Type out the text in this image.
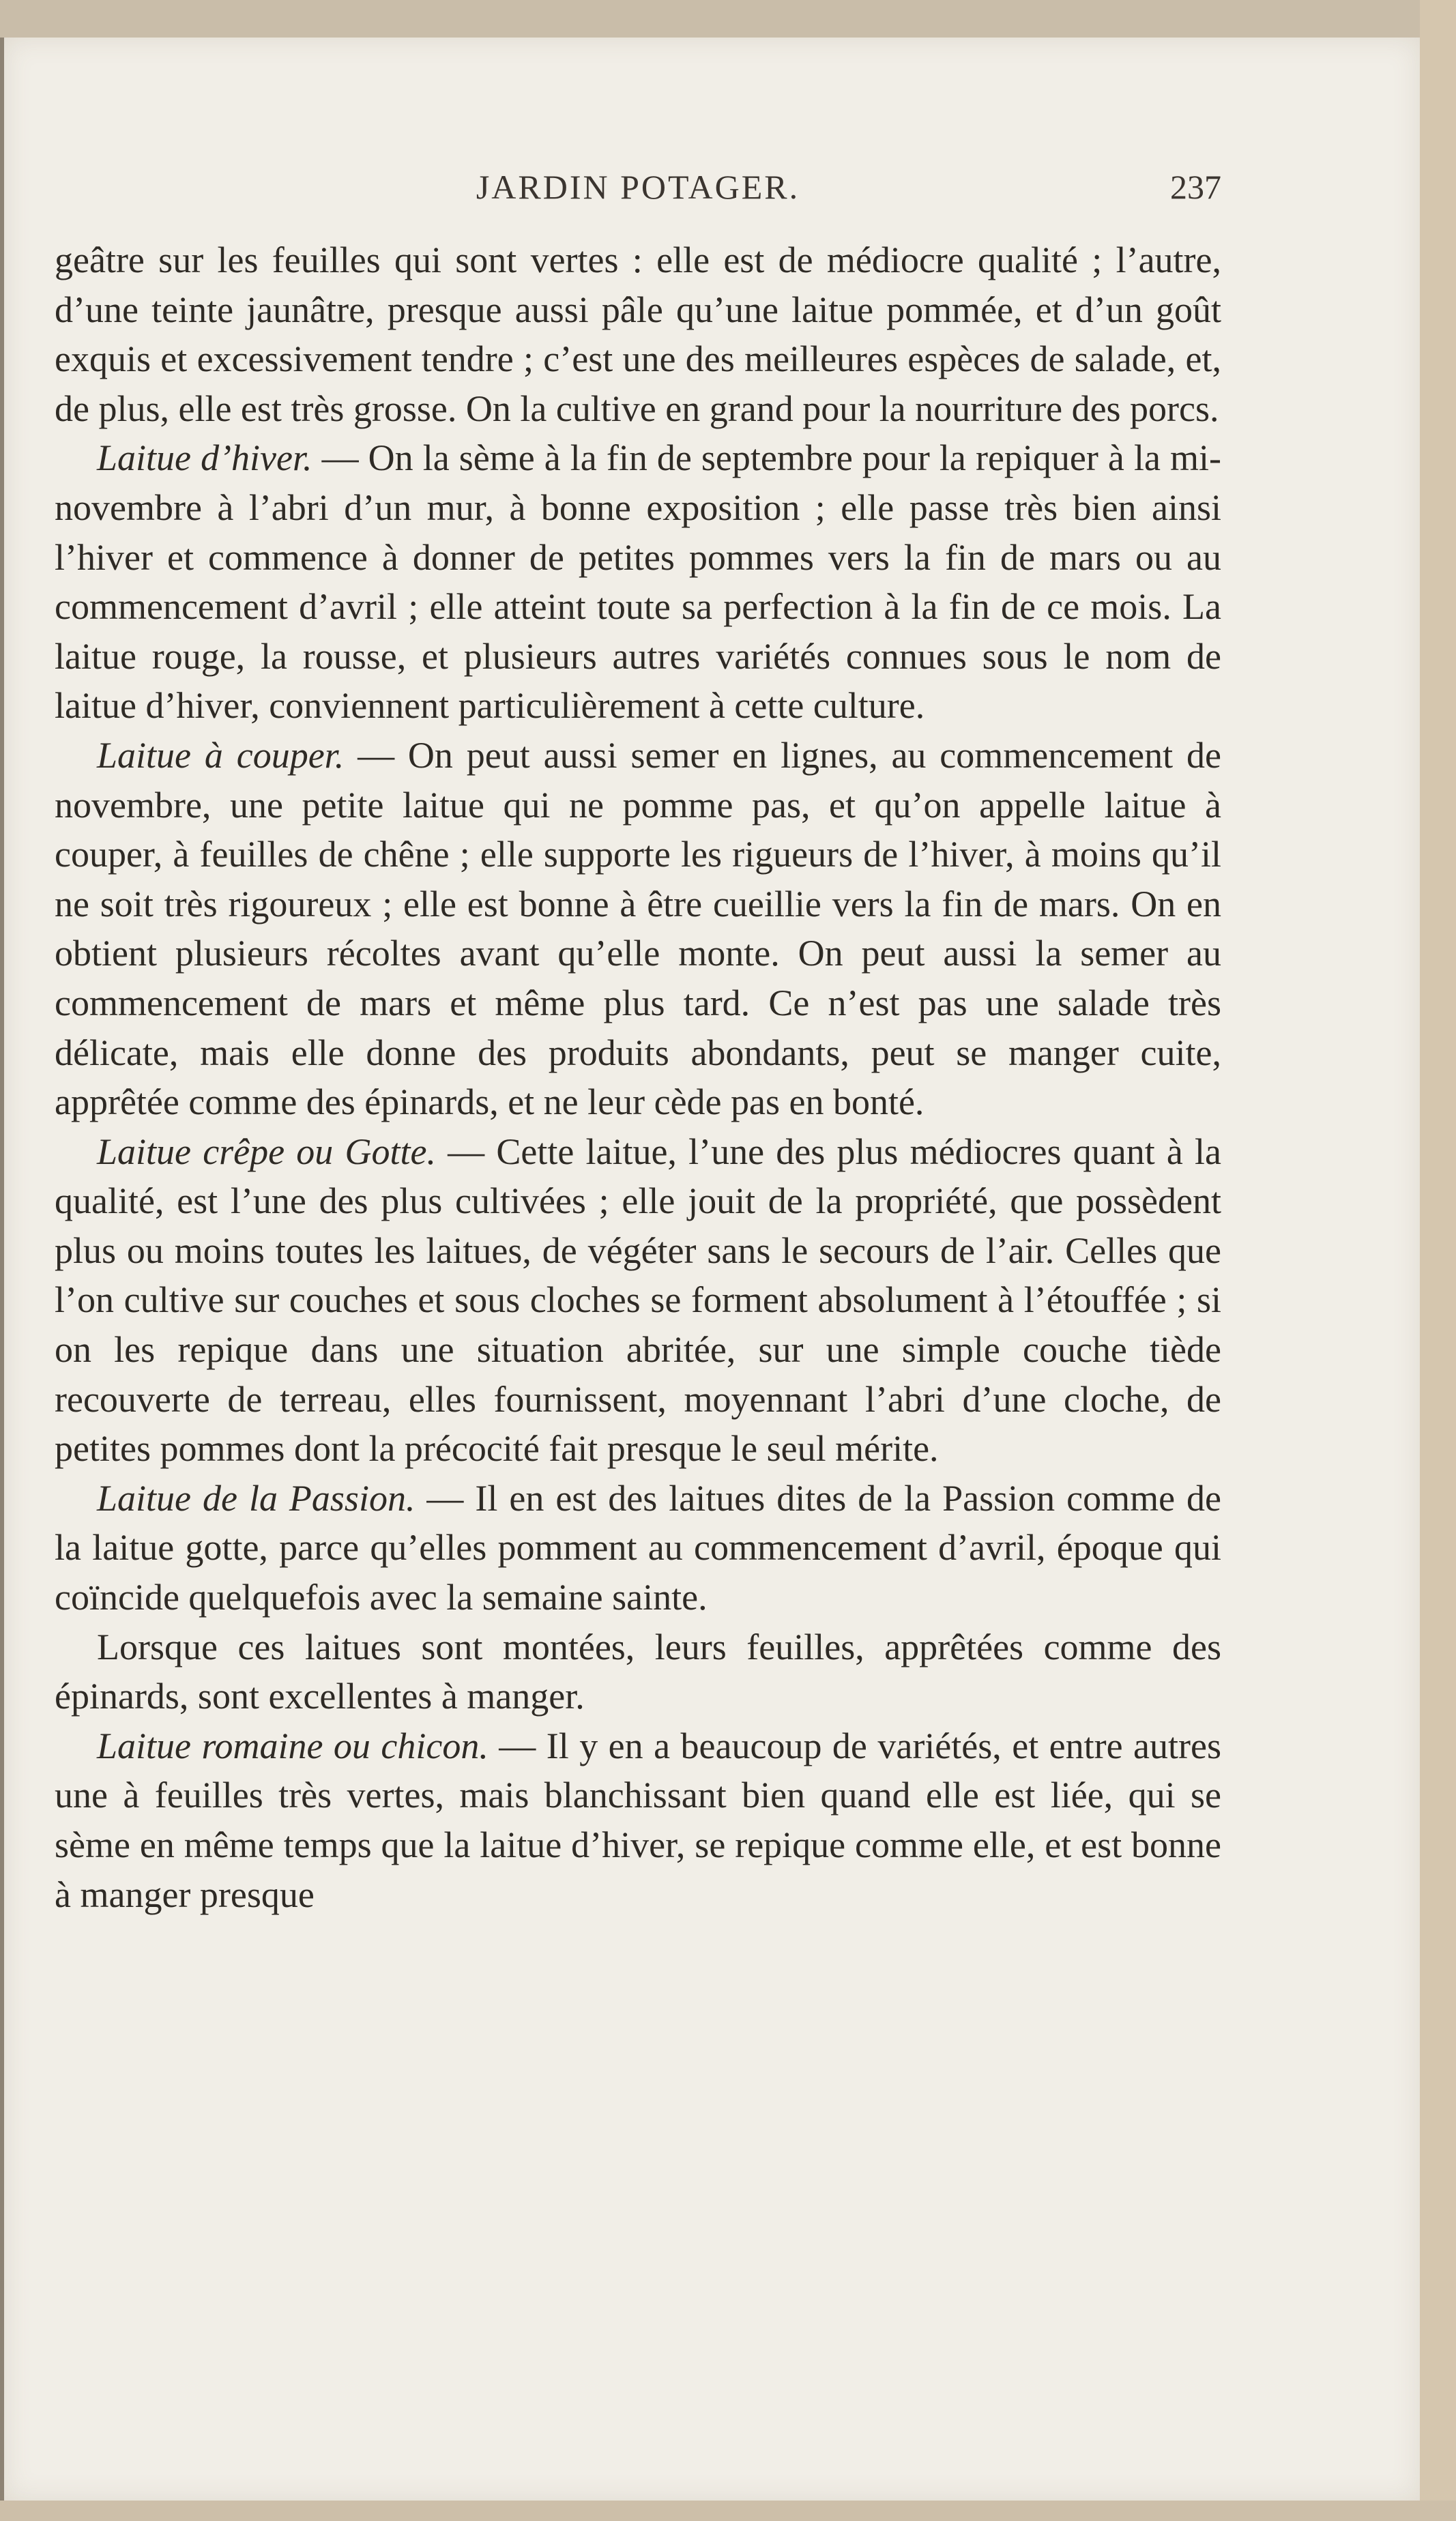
JARDIN POTAGER.	237

geâtre sur les feuilles qui sont vertes : elle est de médiocre qualité ; l’autre, d’une teinte jaunâtre, presque aussi pâle qu’une laitue pommée, et d’un goût exquis et excessivement tendre ; c’est une des meilleures espèces de salade, et, de plus, elle est très grosse. On la cultive en grand pour la nourriture des porcs.

Laitue d’hiver. — On la sème à la fin de septembre pour la repiquer à la mi-novembre à l’abri d’un mur, à bonne exposition ; elle passe très bien ainsi l’hiver et commence à donner de petites pommes vers la fin de mars ou au commencement d’avril ; elle atteint toute sa perfection à la fin de ce mois. La laitue rouge, la rousse, et plusieurs autres variétés connues sous le nom de laitue d’hiver, conviennent particulièrement à cette culture.

Laitue à couper. — On peut aussi semer en lignes, au commencement de novembre, une petite laitue qui ne pomme pas, et qu’on appelle laitue à couper, à feuilles de chêne ; elle supporte les rigueurs de l’hiver, à moins qu’il ne soit très rigoureux ; elle est bonne à être cueillie vers la fin de mars. On en obtient plusieurs récoltes avant qu’elle monte. On peut aussi la semer au commencement de mars et même plus tard. Ce n’est pas une salade très délicate, mais elle donne des produits abondants, peut se manger cuite, apprêtée comme des épinards, et ne leur cède pas en bonté.

Laitue crêpe ou Gotte. — Cette laitue, l’une des plus médiocres quant à la qualité, est l’une des plus cultivées ; elle jouit de la propriété, que possèdent plus ou moins toutes les laitues, de végéter sans le secours de l’air. Celles que l’on cultive sur couches et sous cloches se forment absolument à l’étouffée ; si on les repique dans une situation abritée, sur une simple couche tiède recouverte de terreau, elles fournissent, moyennant l’abri d’une cloche, de petites pommes dont la précocité fait presque le seul mérite.

Laitue de la Passion. — Il en est des laitues dites de la Passion comme de la laitue gotte, parce qu’elles pomment au commencement d’avril, époque qui coïncide quelquefois avec la semaine sainte.

Lorsque ces laitues sont montées, leurs feuilles, apprêtées comme des épinards, sont excellentes à manger.

Laitue romaine ou chicon. — Il y en a beaucoup de variétés, et entre autres une à feuilles très vertes, mais blanchissant bien quand elle est liée, qui se sème en même temps que la laitue d’hiver, se repique comme elle, et est bonne à manger presque
